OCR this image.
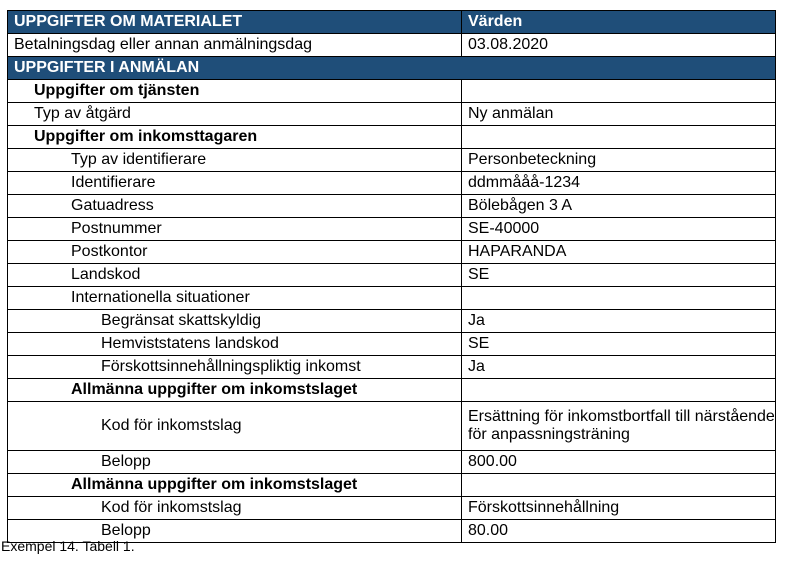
UPPGIFTER OM MATERIALET	Värden
Betalningsdag eller annan anmälningsdag	03.08.2020
UPPGIFTER I ANMÄLAN	
Uppgifter om tjänsten	
Typ av åtgärd	Ny anmälan
Uppgifter om inkomsttagaren	
Typ av identifierare	Personbeteckning
Identifierare	ddmmååå-1234
Gatuadress	Bölebågen 3 A
Postnummer	SE-40000
Postkontor	HAPARANDA
Landskod	SE
Internationella situationer	
Begränsat skattskyldig	Ja
Hemviststatens landskod	SE
Förskottsinnehållningspliktig inkomst	Ja
Allmänna uppgifter om inkomstslaget	
Kod för inkomstslag	Ersättning för inkomstbortfall till närstående för anpassningsträning
Belopp	800.00
Allmänna uppgifter om inkomstslaget	
Kod för inkomstslag	Förskottsinnehållning
Belopp	80.00
Exempel 14. Tabell 1.
